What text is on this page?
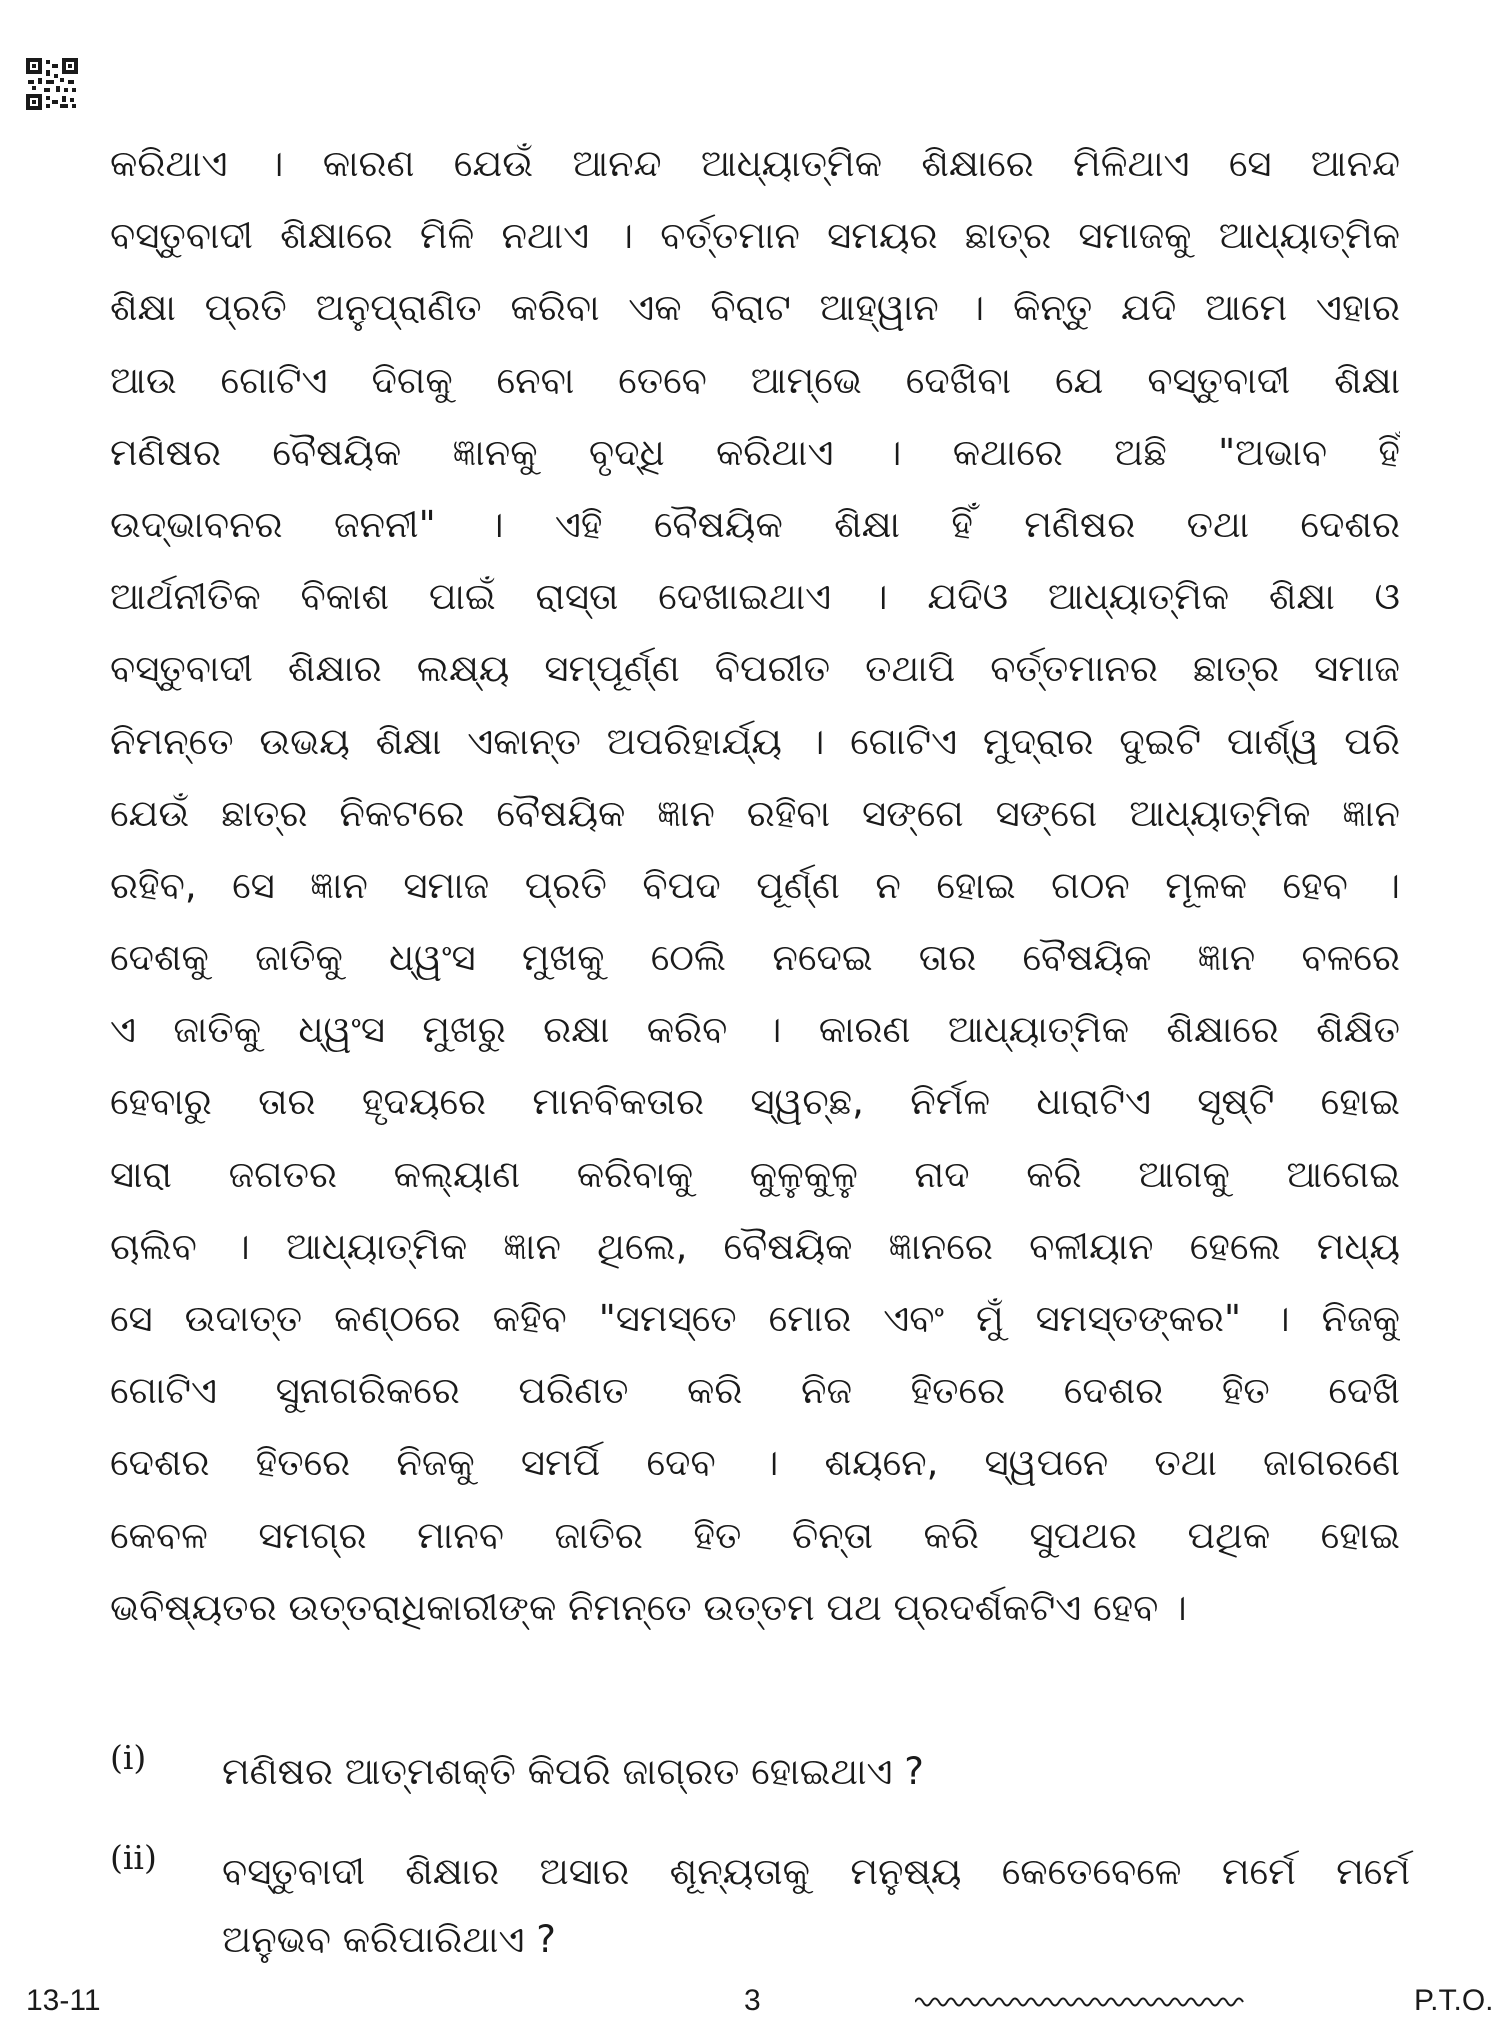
କରିଥାଏ । କାରଣ ଯେଉଁ ଆନନ୍ଦ ଆଧ୍ୟାତ୍ମିକ ଶିକ୍ଷାରେ ମିଳିଥାଏ ସେ ଆନନ୍ଦ
ବସ୍ତୁବାଦୀ ଶିକ୍ଷାରେ ମିଳି ନଥାଏ । ବର୍ତ୍ତମାନ ସମୟର ଛାତ୍ର ସମାଜକୁ ଆଧ୍ୟାତ୍ମିକ
ଶିକ୍ଷା ପ୍ରତି ଅନୁପ୍ରାଣିତ କରିବା ଏକ ବିରାଟ ଆହ୍ୱାନ । କିନ୍ତୁ ଯଦି ଆମେ ଏହାର
ଆଉ ଗୋଟିଏ ଦିଗକୁ ନେବା ତେବେ ଆମ୍ଭେ ଦେଖିବା ଯେ ବସ୍ତୁବାଦୀ ଶିକ୍ଷା
ମଣିଷର ବୈଷୟିକ ଜ୍ଞାନକୁ ବୃଦ୍ଧି କରିଥାଏ । କଥାରେ ଅଛି "ଅଭାବ ହିଁ
ଉଦ୍ଭାବନର ଜନନୀ" । ଏହି ବୈଷୟିକ ଶିକ୍ଷା ହିଁ ମଣିଷର ତଥା ଦେଶର
ଆର୍ଥନୀତିକ ବିକାଶ ପାଇଁ ରାସ୍ତା ଦେଖାଇଥାଏ । ଯଦିଓ ଆଧ୍ୟାତ୍ମିକ ଶିକ୍ଷା ଓ
ବସ୍ତୁବାଦୀ ଶିକ୍ଷାର ଲକ୍ଷ୍ୟ ସମ୍ପୂର୍ଣ୍ଣ ବିପରୀତ ତଥାପି ବର୍ତ୍ତମାନର ଛାତ୍ର ସମାଜ
ନିମନ୍ତେ ଉଭୟ ଶିକ୍ଷା ଏକାନ୍ତ ଅପରିହାର୍ଯ୍ୟ । ଗୋଟିଏ ମୁଦ୍ରାର ଦୁଇଟି ପାର୍ଶ୍ୱ ପରି
ଯେଉଁ ଛାତ୍ର ନିକଟରେ ବୈଷୟିକ ଜ୍ଞାନ ରହିବା ସଙ୍ଗେ ସଙ୍ଗେ ଆଧ୍ୟାତ୍ମିକ ଜ୍ଞାନ
ରହିବ, ସେ ଜ୍ଞାନ ସମାଜ ପ୍ରତି ବିପଦ ପୂର୍ଣ୍ଣ ନ ହୋଇ ଗଠନ ମୂଳକ ହେବ ।
ଦେଶକୁ ଜାତିକୁ ଧ୍ୱଂସ ମୁଖକୁ ଠେଲି ନଦେଇ ତାର ବୈଷୟିକ ଜ୍ଞାନ ବଳରେ
ଏ ଜାତିକୁ ଧ୍ୱଂସ ମୁଖରୁ ରକ୍ଷା କରିବ । କାରଣ ଆଧ୍ୟାତ୍ମିକ ଶିକ୍ଷାରେ ଶିକ୍ଷିତ
ହେବାରୁ ତାର ହୃଦୟରେ ମାନବିକତାର ସ୍ୱଚ୍ଛ, ନିର୍ମଳ ଧାରାଟିଏ ସୃଷ୍ଟି ହୋଇ
ସାରା ଜଗତର କଲ୍ୟାଣ କରିବାକୁ କୁଳୁକୁଳୁ ନାଦ କରି ଆଗକୁ ଆଗେଇ
ଚାଲିବ । ଆଧ୍ୟାତ୍ମିକ ଜ୍ଞାନ ଥିଲେ, ବୈଷୟିକ ଜ୍ଞାନରେ ବଳୀୟାନ ହେଲେ ମଧ୍ୟ
ସେ ଉଦାତ୍ତ କଣ୍ଠରେ କହିବ "ସମସ୍ତେ ମୋର ଏବଂ ମୁଁ ସମସ୍ତଙ୍କର" । ନିଜକୁ
ଗୋଟିଏ ସୁନାଗରିକରେ ପରିଣତ କରି ନିଜ ହିତରେ ଦେଶର ହିତ ଦେଖି
ଦେଶର ହିତରେ ନିଜକୁ ସମର୍ପି ଦେବ । ଶୟନେ, ସ୍ୱପନେ ତଥା ଜାଗରଣେ
କେବଳ ସମଗ୍ର ମାନବ ଜାତିର ହିତ ଚିନ୍ତା କରି ସୁପଥର ପଥିକ ହୋଇ
ଭବିଷ୍ୟତର ଉତ୍ତରାଧିକାରୀଙ୍କ ନିମନ୍ତେ ଉତ୍ତମ ପଥ ପ୍ରଦର୍ଶକଟିଏ ହେବ ।
(i) ମଣିଷର ଆତ୍ମଶକ୍ତି କିପରି ଜାଗ୍ରତ ହୋଇଥାଏ ?
(ii) ବସ୍ତୁବାଦୀ ଶିକ୍ଷାର ଅସାର ଶୂନ୍ୟତାକୁ ମନୁଷ୍ୟ କେତେବେଳେ ମର୍ମେ ମର୍ମେ
ଅନୁଭବ କରିପାରିଥାଏ ?
13-11	3	P.T.O.
